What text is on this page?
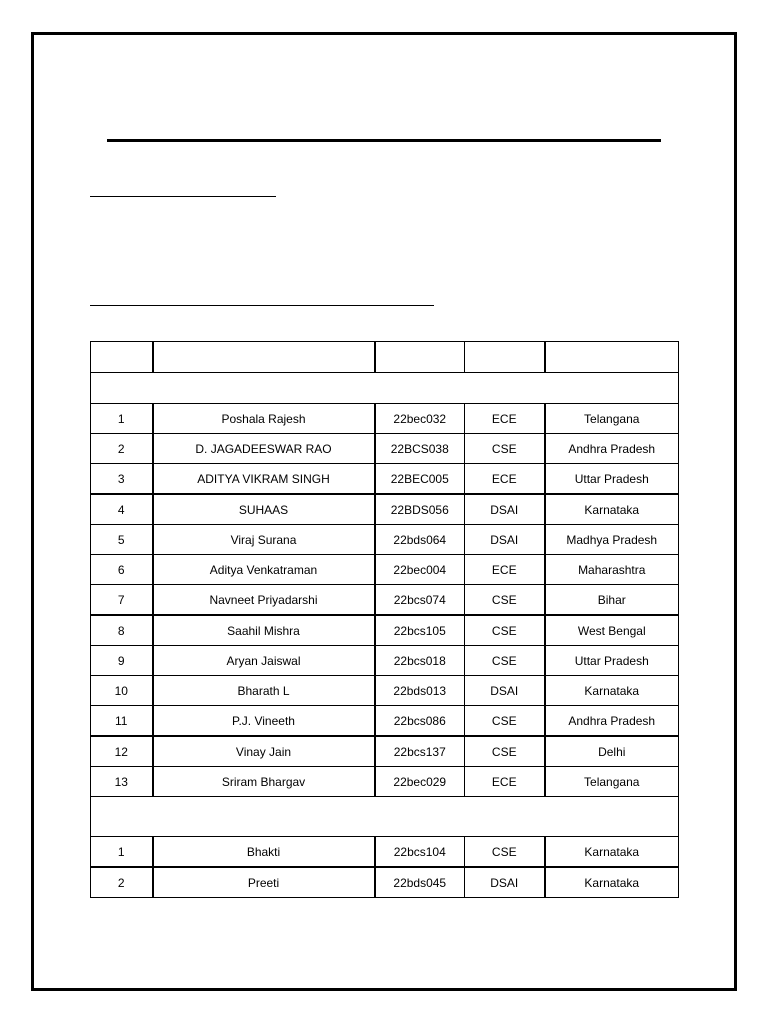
1	Poshala Rajesh	22bec032	ECE	Telangana
2	D. JAGADEESWAR RAO	22BCS038	CSE	Andhra Pradesh
3	ADITYA VIKRAM SINGH	22BEC005	ECE	Uttar Pradesh
4	SUHAAS	22BDS056	DSAI	Karnataka
5	Viraj Surana	22bds064	DSAI	Madhya Pradesh
6	Aditya Venkatraman	22bec004	ECE	Maharashtra
7	Navneet Priyadarshi	22bcs074	CSE	Bihar
8	Saahil Mishra	22bcs105	CSE	West Bengal
9	Aryan Jaiswal	22bcs018	CSE	Uttar Pradesh
10	Bharath L	22bds013	DSAI	Karnataka
11	P.J. Vineeth	22bcs086	CSE	Andhra Pradesh
12	Vinay Jain	22bcs137	CSE	Delhi
13	Sriram Bhargav	22bec029	ECE	Telangana

1	Bhakti	22bcs104	CSE	Karnataka
2	Preeti	22bds045	DSAI	Karnataka
